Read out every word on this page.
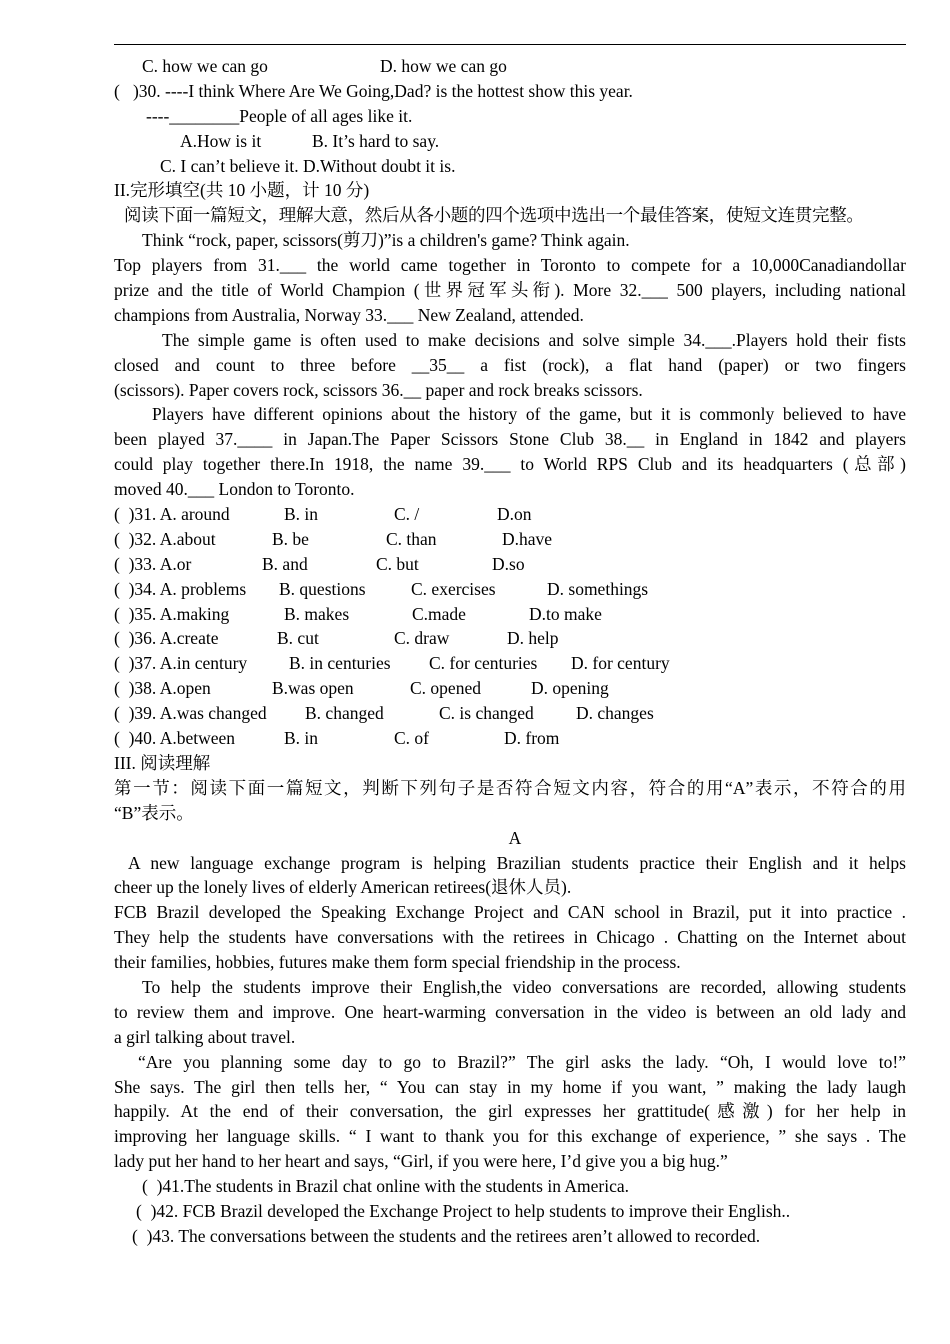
C. how we can go

	D. how we can go

(   )30. ----I think Where Are We Going,Dad? is the hottest show this year.
----________People of all ages like it.

A.How is it

	B. It’s hard to say.

C. I can’t believe it. D.Without doubt it is.
II.完形填空(共 10 小题，计 10 分)
阅读下面一篇短文，理解大意，然后从各小题的四个选项中选出一个最佳答案，使短文连贯完整。
Think “rock, paper, scissors(剪刀)”is a children's game? Think again.
Top players from 31.___ the world came together in Toronto to compete for a 10,000Canadiandollar
prize and the title of World Champion (世界冠军头衔). More 32.___ 500 players, including national
champions from Australia, Norway 33.___ New Zealand, attended.
The simple game is often used to make decisions and solve simple 34.___.Players hold their fists
closed and count to three before __35__ a fist (rock), a flat hand (paper) or two fingers
(scissors). Paper covers rock, scissors 36.__ paper and rock breaks scissors.
Players have different opinions about the history of the game, but it is commonly believed to have
been played 37.____ in Japan.The Paper Scissors Stone Club 38.__ in England in 1842 and players
could play together there.In 1918, the name 39.___ to World RPS Club and its headquarters (总部)
moved 40.___ London to Toronto.

(  )31. A. around

	B. in

	C. /

	D.on

(  )32. A.about

	B. be

	C. than

	D.have

(  )33. A.or

	B. and

	C. but

	D.so

(  )34. A. problems

B. questions

	C. exercises

	D. somethings

(  )35. A.making

	B. makes

	C.made

	D.to make

(  )36. A.create

	B. cut

	C. draw

	D. help

(  )37. A.in century

B. in centuries

C. for centuries

D. for century

(  )38. A.open

	B.was open

	C. opened

	D. opening

(  )39. A.was changed

B. changed

	C. is changed

D. changes

(  )40. A.between

	B. in

	C. of

	D. from

III. 阅读理解
第一节：阅读下面一篇短文，判断下列句子是否符合短文内容，符合的用“A”表示，不符合的用
“B”表示。
A
A new language exchange program is helping Brazilian students practice their English and it helps
cheer up the lonely lives of elderly American retirees(退休人员).
FCB Brazil developed the Speaking Exchange Project and CAN school in Brazil, put it into practice .
They help the students have conversations with the retirees in Chicago . Chatting on the Internet about
their families, hobbies, futures make them form special friendship in the process.
To help the students improve their English,the video conversations are recorded, allowing students
to review them and improve. One heart-warming conversation in the video is between an old lady and
a girl talking about travel.
“Are you planning some day to go to Brazil?” The girl asks the lady. “Oh, I would love to!”
She says. The girl then tells her, “ You can stay in my home if you want, ” making the lady laugh
happily. At the end of their conversation, the girl expresses her grattitude(感激) for her help in
improving her language skills. “ I want to thank you for this exchange of experience, ” she says . The
lady put her hand to her heart and says, “Girl, if you were here, I’d give you a big hug.”
(  )41.The students in Brazil chat online with the students in America.
(  )42. FCB Brazil developed the Exchange Project to help students to improve their English..
(  )43. The conversations between the students and the retirees aren’t allowed to recorded.
